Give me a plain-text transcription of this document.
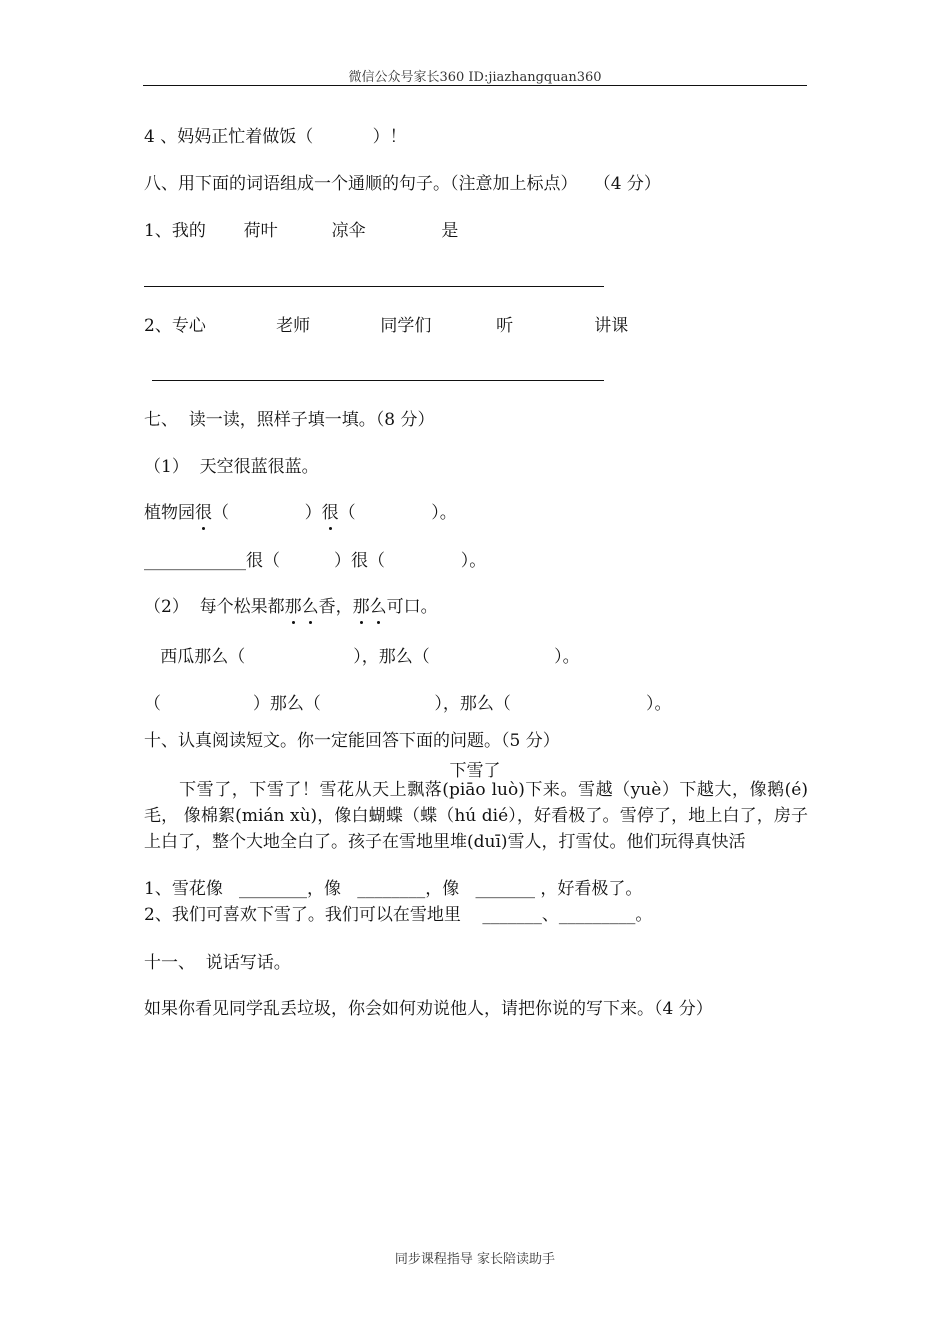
微信公众号家长360 ID:jiazhangquan360
4 、妈妈正忙着做饭（           ）！
八、用下面的词语组成一个通顺的句子。（注意加上标点）   （4 分）
1、我的       荷叶          凉伞              是
2、专心             老师             同学们            听               讲课
七、  读一读，照样子填一填。（8 分）
（1）  天空很蓝很蓝。
植物园很（              ）很（              ）。
____________很（          ）很（              ）。
（2）  每个松果都那么香，那么可口。
西瓜那么（                    ），那么（                       ）。
（                 ）那么（                     ），那么（                         ）。
十、认真阅读短文。你一定能回答下面的问题。（5 分）
下雪了
　　下雪了，下雪了！雪花从天上飘落(piāo luò)下来。雪越（yuè）下越大，像鹅(é)毛， 像棉絮(mián xù)，像白蝴蝶（蝶（hú dié），好看极了。雪停了，地上白了，房子上白了，整个大地全白了。孩子在雪地里堆(duī)雪人，打雪仗。他们玩得真快活
1、雪花像   ________，像   ________，像   _______ ，好看极了。
2、我们可喜欢下雪了。我们可以在雪地里    _______、_________。
十一、  说话写话。
如果你看见同学乱丢垃圾，你会如何劝说他人，请把你说的写下来。（4 分）
同步课程指导 家长陪读助手
